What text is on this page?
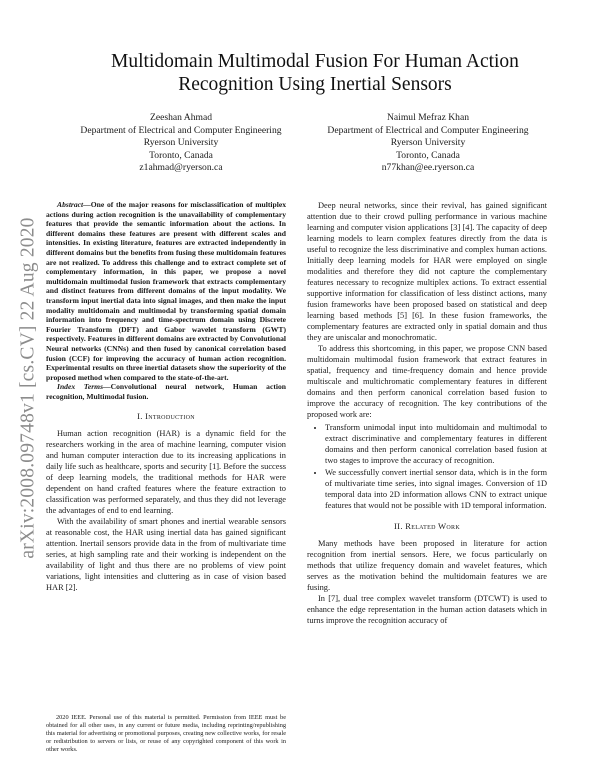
arXiv:2008.09748v1 [cs.CV] 22 Aug 2020
Multidomain Multimodal Fusion For Human Action
Recognition Using Inertial Sensors
Zeeshan Ahmad
Department of Electrical and Computer Engineering
Ryerson University
Toronto, Canada
z1ahmad@ryerson.ca
Naimul Mefraz Khan
Department of Electrical and Computer Engineering
Ryerson University
Toronto, Canada
n77khan@ee.ryerson.ca

Abstract—One of the major reasons for misclassification of multiplex actions during action recognition is the unavailability of complementary features that provide the semantic information about the actions. In different domains these features are present with different scales and intensities. In existing literature, features are extracted independently in different domains but the benefits from fusing these multidomain features are not realized. To address this challenge and to extract complete set of complementary information, in this paper, we propose a novel multidomain multimodal fusion framework that extracts complementary and distinct features from different domains of the input modality. We transform input inertial data into signal images, and then make the input modality multidomain and multimodal by transforming spatial domain information into frequency and time-spectrum domain using Discrete Fourier Transform (DFT) and Gabor wavelet transform (GWT) respectively. Features in different domains are extracted by Convolutional Neural networks (CNNs) and then fused by canonical correlation based fusion (CCF) for improving the accuracy of human action recognition. Experimental results on three inertial datasets show the superiority of the proposed method when compared to the state-of-the-art.

Index Terms—Convolutional neural network, Human action recognition, Multimodal fusion.

I. Introduction

Human action recognition (HAR) is a dynamic field for the researchers working in the area of machine learning, computer vision and human computer interaction due to its increasing applications in daily life such as healthcare, sports and security [1]. Before the success of deep learning models, the traditional methods for HAR were dependent on hand crafted features where the feature extraction to classification was performed separately, and thus they did not leverage the advantages of end to end learning.

With the availability of smart phones and inertial wearable sensors at reasonable cost, the HAR using inertial data has gained significant attention. Inertail sensors provide data in the from of multivariate time series, at high sampling rate and their working is independent on the availability of light and thus there are no problems of view point variations, light intensities and cluttering as in case of vision based HAR [2].

Deep neural networks, since their revival, has gained significant attention due to their crowd pulling performance in various machine learning and computer vision applications [3] [4]. The capacity of deep learning models to learn complex features directly from the data is useful to recognize the less discriminative and complex human actions. Initially deep learning models for HAR were employed on single modalities and therefore they did not capture the complementary features necessary to recognize multiplex actions. To extract essential supportive information for classification of less distinct actions, many fusion frameworks have been proposed based on statistical and deep learning based methods [5] [6]. In these fusion frameworks, the complementary features are extracted only in spatial domain and thus they are uniscalar and monochromatic.

To address this shortcoming, in this paper, we propose CNN based multidomain multimodal fusion framework that extract features in spatial, frequency and time-frequency domain and hence provide multiscale and multichromatic complementary features in different domains and then perform canonical correlation based fusion to improve the accuracy of recognition. The key contributions of the proposed work are:

• Transform unimodal input into multidomain and multimodal to extract discriminative and complementary features in different domains and then perform canonical correlation based fusion at two stages to improve the accuracy of recognition.
• We successfully convert inertial sensor data, which is in the form of multivariate time series, into signal images. Conversion of 1D temporal data into 2D information allows CNN to extract unique features that would not be possible with 1D temporal information.
II. Related Work

Many methods have been proposed in literature for action recognition from inertial sensors. Here, we focus particularly on methods that utilize frequency domain and wavelet features, which serves as the motivation behind the multidomain features we are fusing.

In [7], dual tree complex wavelet transform (DTCWT) is used to enhance the edge representation in the human action datasets which in turns improve the recognition accuracy of

2020 IEEE. Personal use of this material is permitted. Permission from IEEE must be obtained for all other uses, in any current or future media, including reprinting/republishing this material for advertising or promotional purposes, creating new collective works, for resale or redistribution to servers or lists, or reuse of any copyrighted component of this work in other works.
